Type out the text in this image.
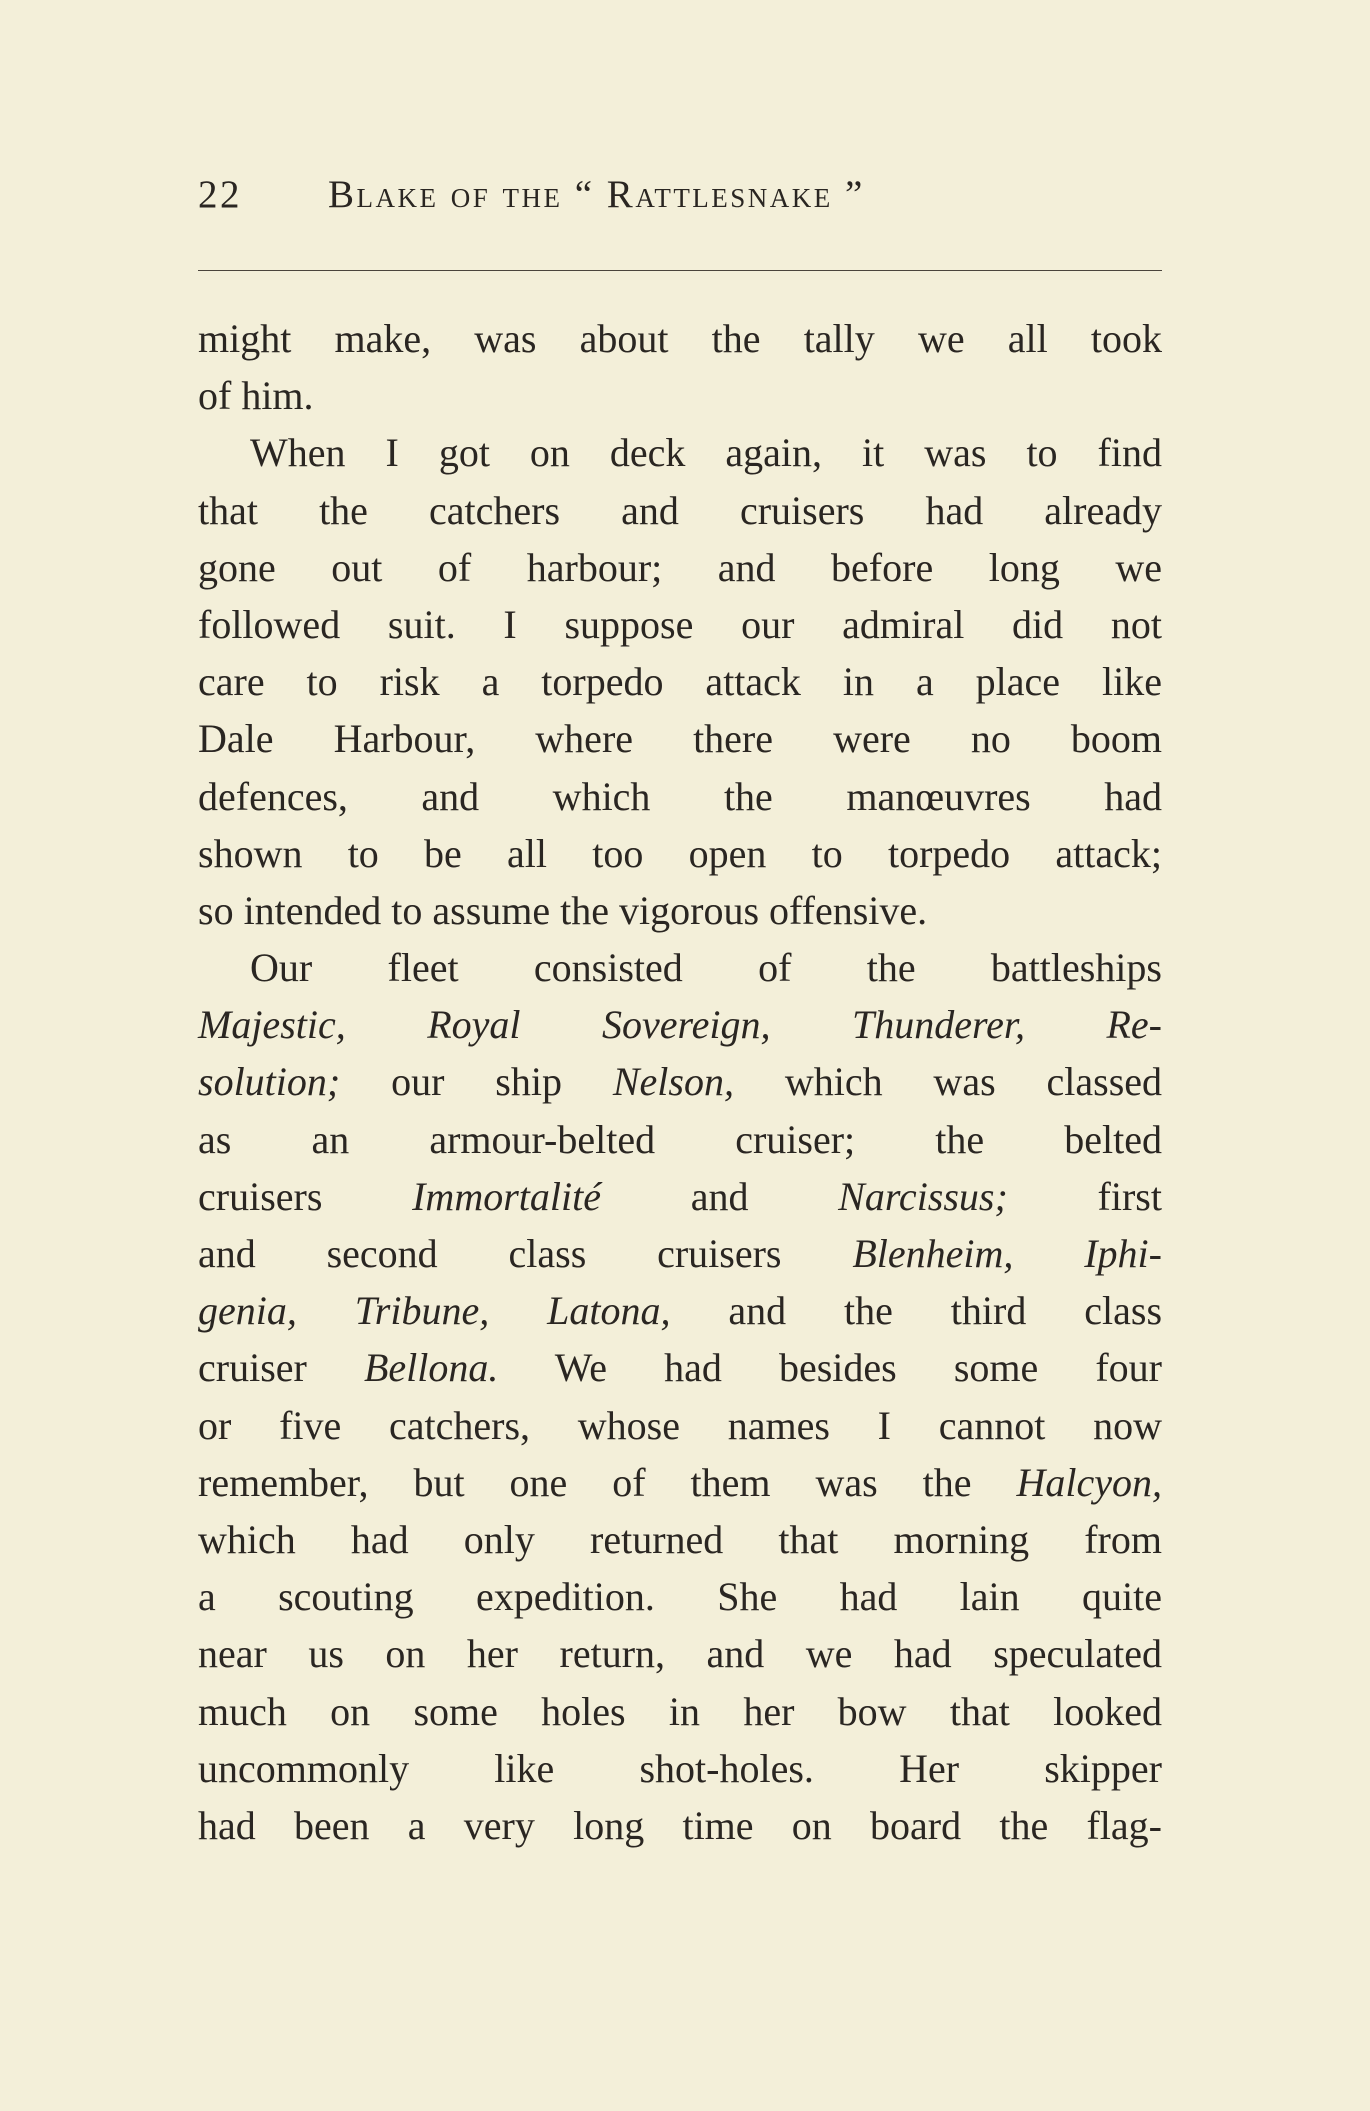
22 Blake of the “ Rattlesnake ”
might make, was about the tally we all took
of him.
When I got on deck again, it was to find
that the catchers and cruisers had already
gone out of harbour; and before long we
followed suit. I suppose our admiral did not
care to risk a torpedo attack in a place like
Dale Harbour, where there were no boom
defences, and which the manœuvres had
shown to be all too open to torpedo attack;
so intended to assume the vigorous offensive.
Our fleet consisted of the battleships
Majestic, Royal Sovereign, Thunderer, Re-
solution; our ship Nelson, which was classed
as an armour-belted cruiser; the belted
cruisers Immortalité and Narcissus; first
and second class cruisers Blenheim, Iphi-
genia, Tribune, Latona, and the third class
cruiser Bellona. We had besides some four
or five catchers, whose names I cannot now
remember, but one of them was the Halcyon,
which had only returned that morning from
a scouting expedition. She had lain quite
near us on her return, and we had speculated
much on some holes in her bow that looked
uncommonly like shot-holes. Her skipper
had been a very long time on board the flag-
